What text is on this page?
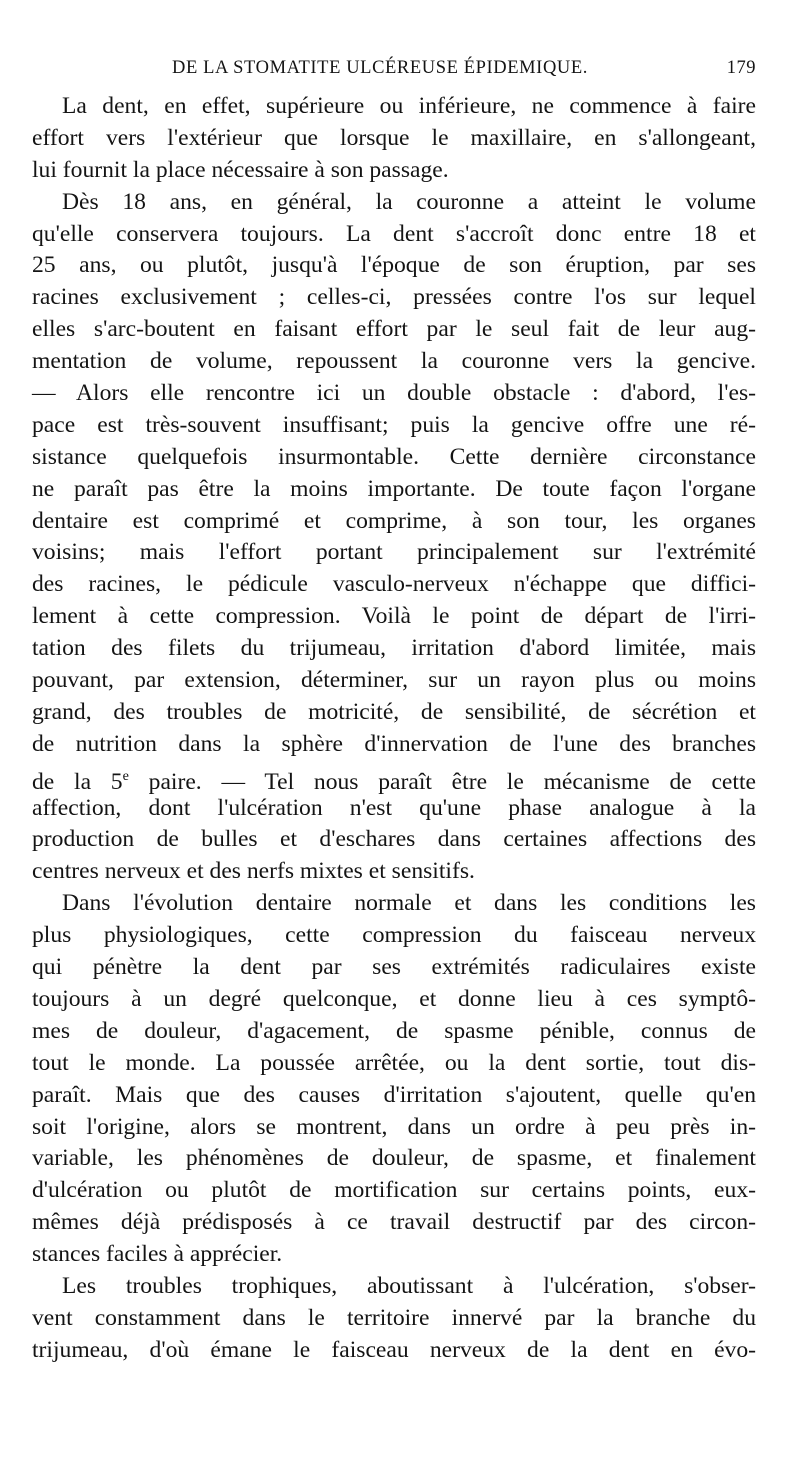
DE LA STOMATITE ULCÉREUSE ÉPIDEMIQUE.	179
La dent, en effet, supérieure ou inférieure, ne commence à faire
effort vers l'extérieur que lorsque le maxillaire, en s'allongeant,
lui fournit la place nécessaire à son passage.
Dès 18 ans, en général, la couronne a atteint le volume
qu'elle conservera toujours. La dent s'accroît donc entre 18 et
25 ans, ou plutôt, jusqu'à l'époque de son éruption, par ses
racines exclusivement ; celles-ci, pressées contre l'os sur lequel
elles s'arc-boutent en faisant effort par le seul fait de leur aug-
mentation de volume, repoussent la couronne vers la gencive.
— Alors elle rencontre ici un double obstacle : d'abord, l'es-
pace est très-souvent insuffisant; puis la gencive offre une ré-
sistance quelquefois insurmontable. Cette dernière circonstance
ne paraît pas être la moins importante. De toute façon l'organe
dentaire est comprimé et comprime, à son tour, les organes
voisins; mais l'effort portant principalement sur l'extrémité
des racines, le pédicule vasculo-nerveux n'échappe que diffici-
lement à cette compression. Voilà le point de départ de l'irri-
tation des filets du trijumeau, irritation d'abord limitée, mais
pouvant, par extension, déterminer, sur un rayon plus ou moins
grand, des troubles de motricité, de sensibilité, de sécrétion et
de nutrition dans la sphère d'innervation de l'une des branches
de la 5e paire. — Tel nous paraît être le mécanisme de cette
affection, dont l'ulcération n'est qu'une phase analogue à la
production de bulles et d'eschares dans certaines affections des
centres nerveux et des nerfs mixtes et sensitifs.
Dans l'évolution dentaire normale et dans les conditions les
plus physiologiques, cette compression du faisceau nerveux
qui pénètre la dent par ses extrémités radiculaires existe
toujours à un degré quelconque, et donne lieu à ces symptô-
mes de douleur, d'agacement, de spasme pénible, connus de
tout le monde. La poussée arrêtée, ou la dent sortie, tout dis-
paraît. Mais que des causes d'irritation s'ajoutent, quelle qu'en
soit l'origine, alors se montrent, dans un ordre à peu près in-
variable, les phénomènes de douleur, de spasme, et finalement
d'ulcération ou plutôt de mortification sur certains points, eux-
mêmes déjà prédisposés à ce travail destructif par des circon-
stances faciles à apprécier.
Les troubles trophiques, aboutissant à l'ulcération, s'obser-
vent constamment dans le territoire innervé par la branche du
trijumeau, d'où émane le faisceau nerveux de la dent en évo-
